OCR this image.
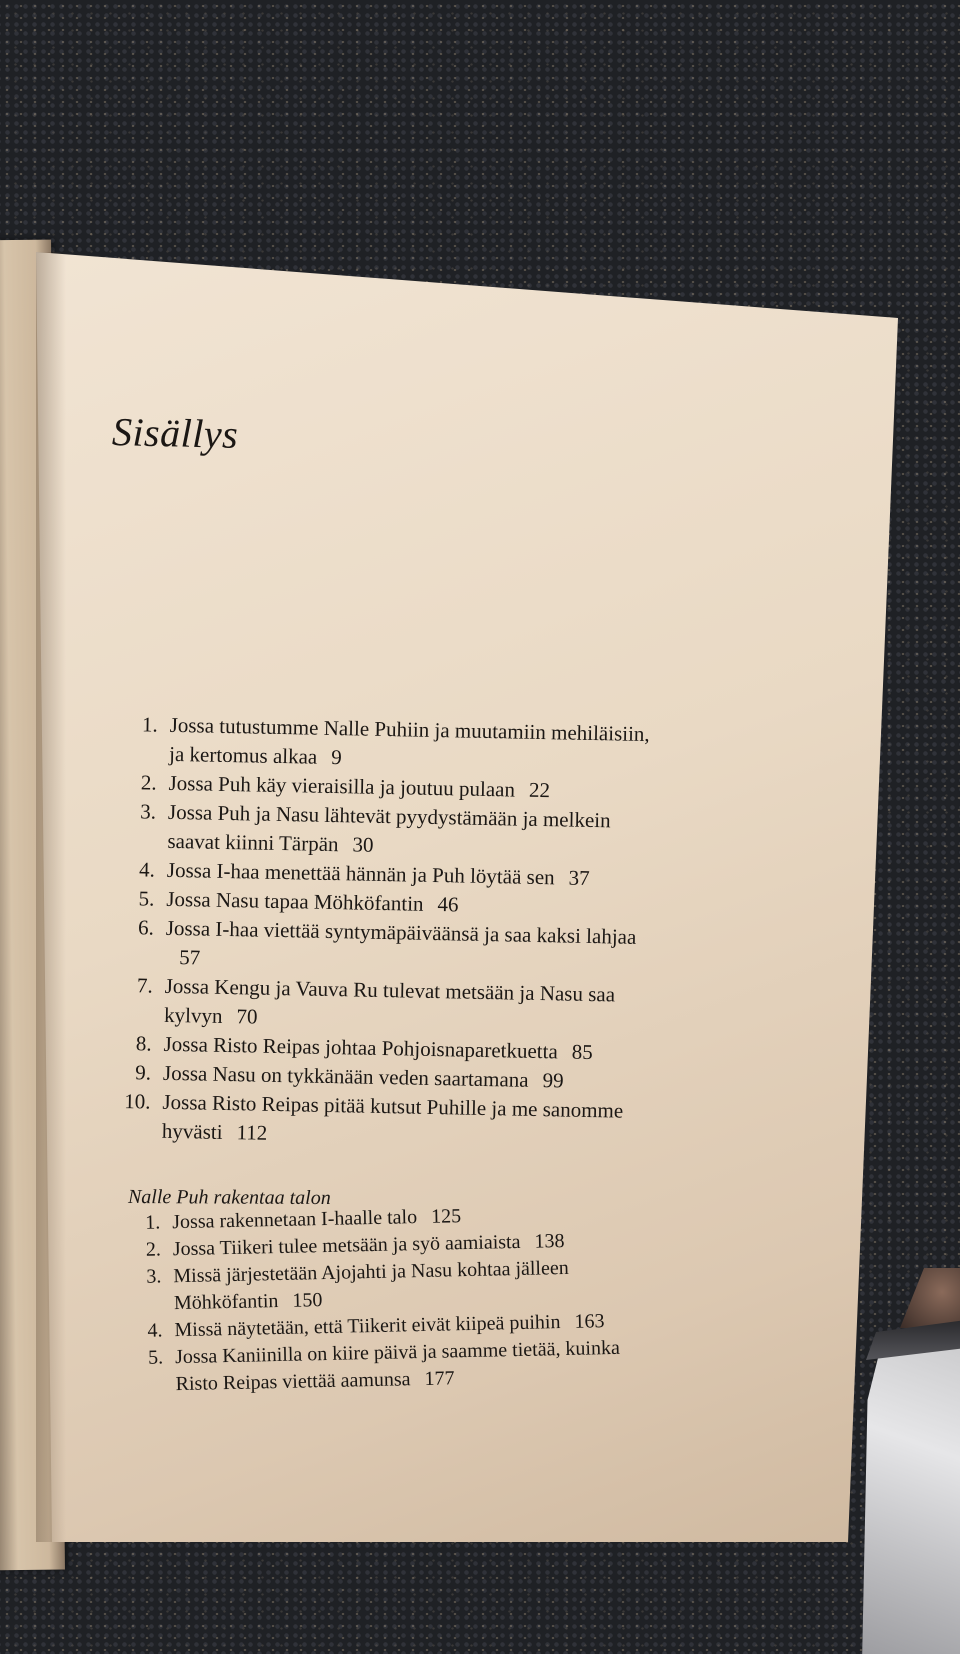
Sisällys
1. Jossa tutustumme Nalle Puhiin ja muutamiin mehiläisiin, ja kertomus alkaa 9
2. Jossa Puh käy vieraisilla ja joutuu pulaan 22
3. Jossa Puh ja Nasu lähtevät pyydystämään ja melkein saavat kiinni Tärpän 30
4. Jossa I-haa menettää hännän ja Puh löytää sen 37
5. Jossa Nasu tapaa Möhköfantin 46
6. Jossa I-haa viettää syntymäpäiväänsä ja saa kaksi lahjaa57
7. Jossa Kengu ja Vauva Ru tulevat metsään ja Nasu saa kylvyn 70
8. Jossa Risto Reipas johtaa Pohjoisnaparetkuetta 85
9. Jossa Nasu on tykkänään veden saartamana 99
10. Jossa Risto Reipas pitää kutsut Puhille ja me sanomme hyvästi 112
Nalle Puh rakentaa talon
1. Jossa rakennetaan I-haalle talo 125
2. Jossa Tiikeri tulee metsään ja syö aamiaista 138
3. Missä järjestetään Ajojahti ja Nasu kohtaa jälleen Möhköfantin 150
4. Missä näytetään, että Tiikerit eivät kiipeä puihin 163
5. Jossa Kaniinilla on kiire päivä ja saamme tietää, kuinka Risto Reipas viettää aamunsa 177
